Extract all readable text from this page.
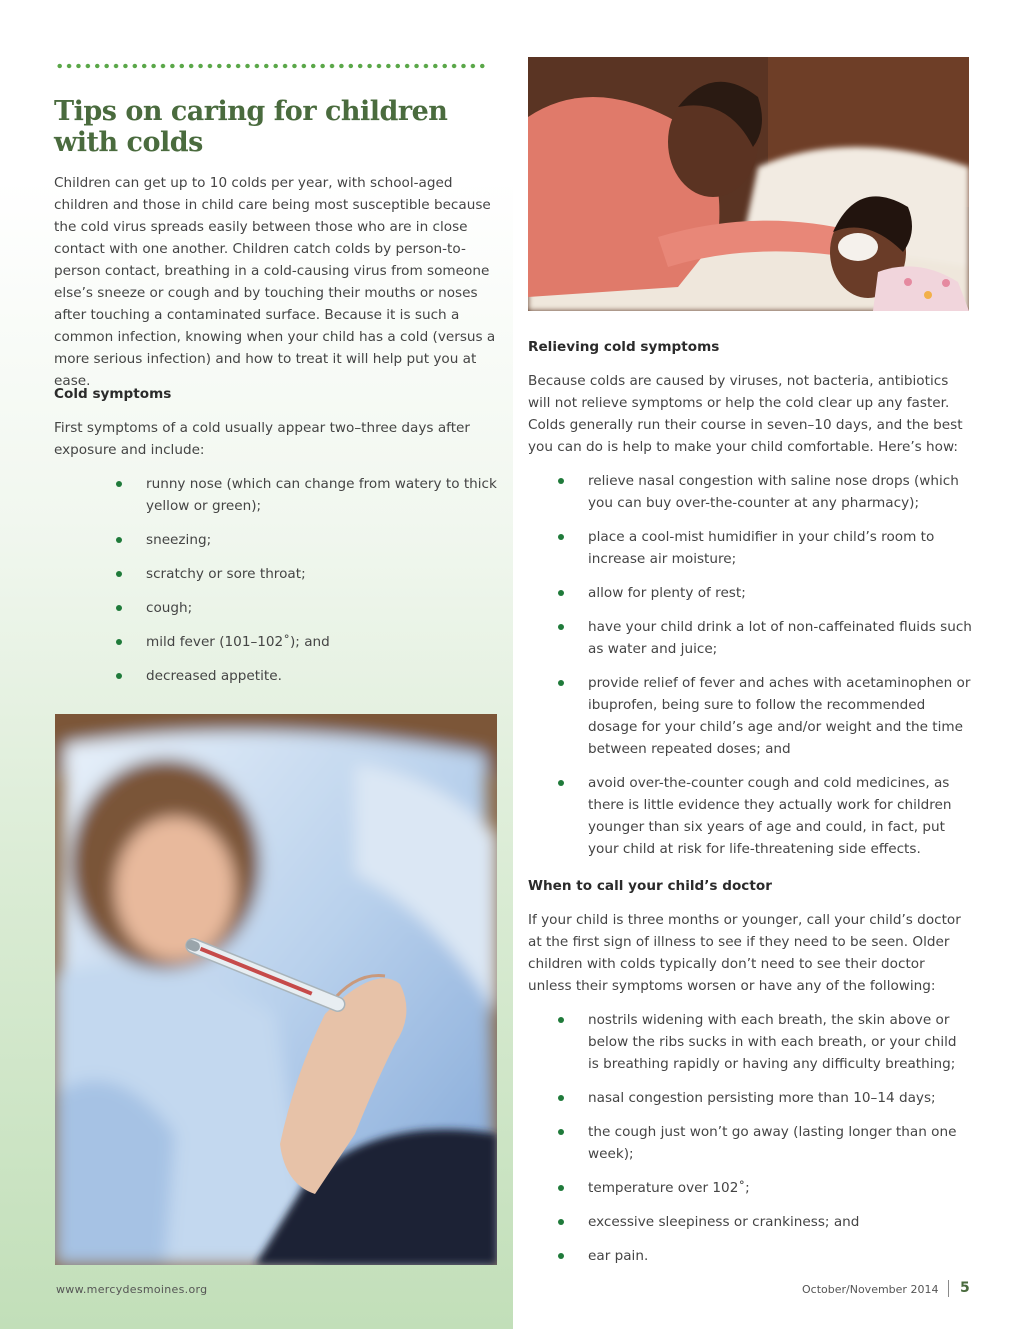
Tips on caring for children with colds

Children can get up to 10 colds per year, with school-aged children and those in child care being most susceptible because the cold virus spreads easily between those who are in close contact with one another. Children catch colds by person-to-person contact, breathing in a cold-causing virus from someone else’s sneeze or cough and by touching their mouths or noses after touching a contaminated surface. Because it is such a common infection, knowing when your child has a cold (versus a more serious infection) and how to treat it will help put you at ease.

Cold symptoms

First symptoms of a cold usually appear two–three days after exposure and include:

runny nose (which can change from watery to thick yellow or green);
sneezing;
scratchy or sore throat;
cough;
mild fever (101–102˚); and
decreased appetite.
Relieving cold symptoms

Because colds are caused by viruses, not bacteria, antibiotics will not relieve symptoms or help the cold clear up any faster. Colds generally run their course in seven–10 days, and the best you can do is help to make your child comfortable. Here’s how:

relieve nasal congestion with saline nose drops (which you can buy over-the-counter at any pharmacy);
place a cool-mist humidifier in your child’s room to increase air moisture;
allow for plenty of rest;
have your child drink a lot of non-caffeinated fluids such as water and juice;
provide relief of fever and aches with acetaminophen or ibuprofen, being sure to follow the recommended dosage for your child’s age and/or weight and the time between repeated doses; and
avoid over-the-counter cough and cold medicines, as there is little evidence they actually work for children younger than six years of age and could, in fact, put your child at risk for life-threatening side effects.
When to call your child’s doctor

If your child is three months or younger, call your child’s doctor at the first sign of illness to see if they need to be seen. Older children with colds typically don’t need to see their doctor unless their symptoms worsen or have any of the following:

nostrils widening with each breath, the skin above or below the ribs sucks in with each breath, or your child is breathing rapidly or having any difficulty breathing;
nasal congestion persisting more than 10–14 days;
the cough just won’t go away (lasting longer than one week);
temperature over 102˚;
excessive sleepiness or crankiness; and
ear pain.
www.mercydesmoines.org	October/November 2014 5
